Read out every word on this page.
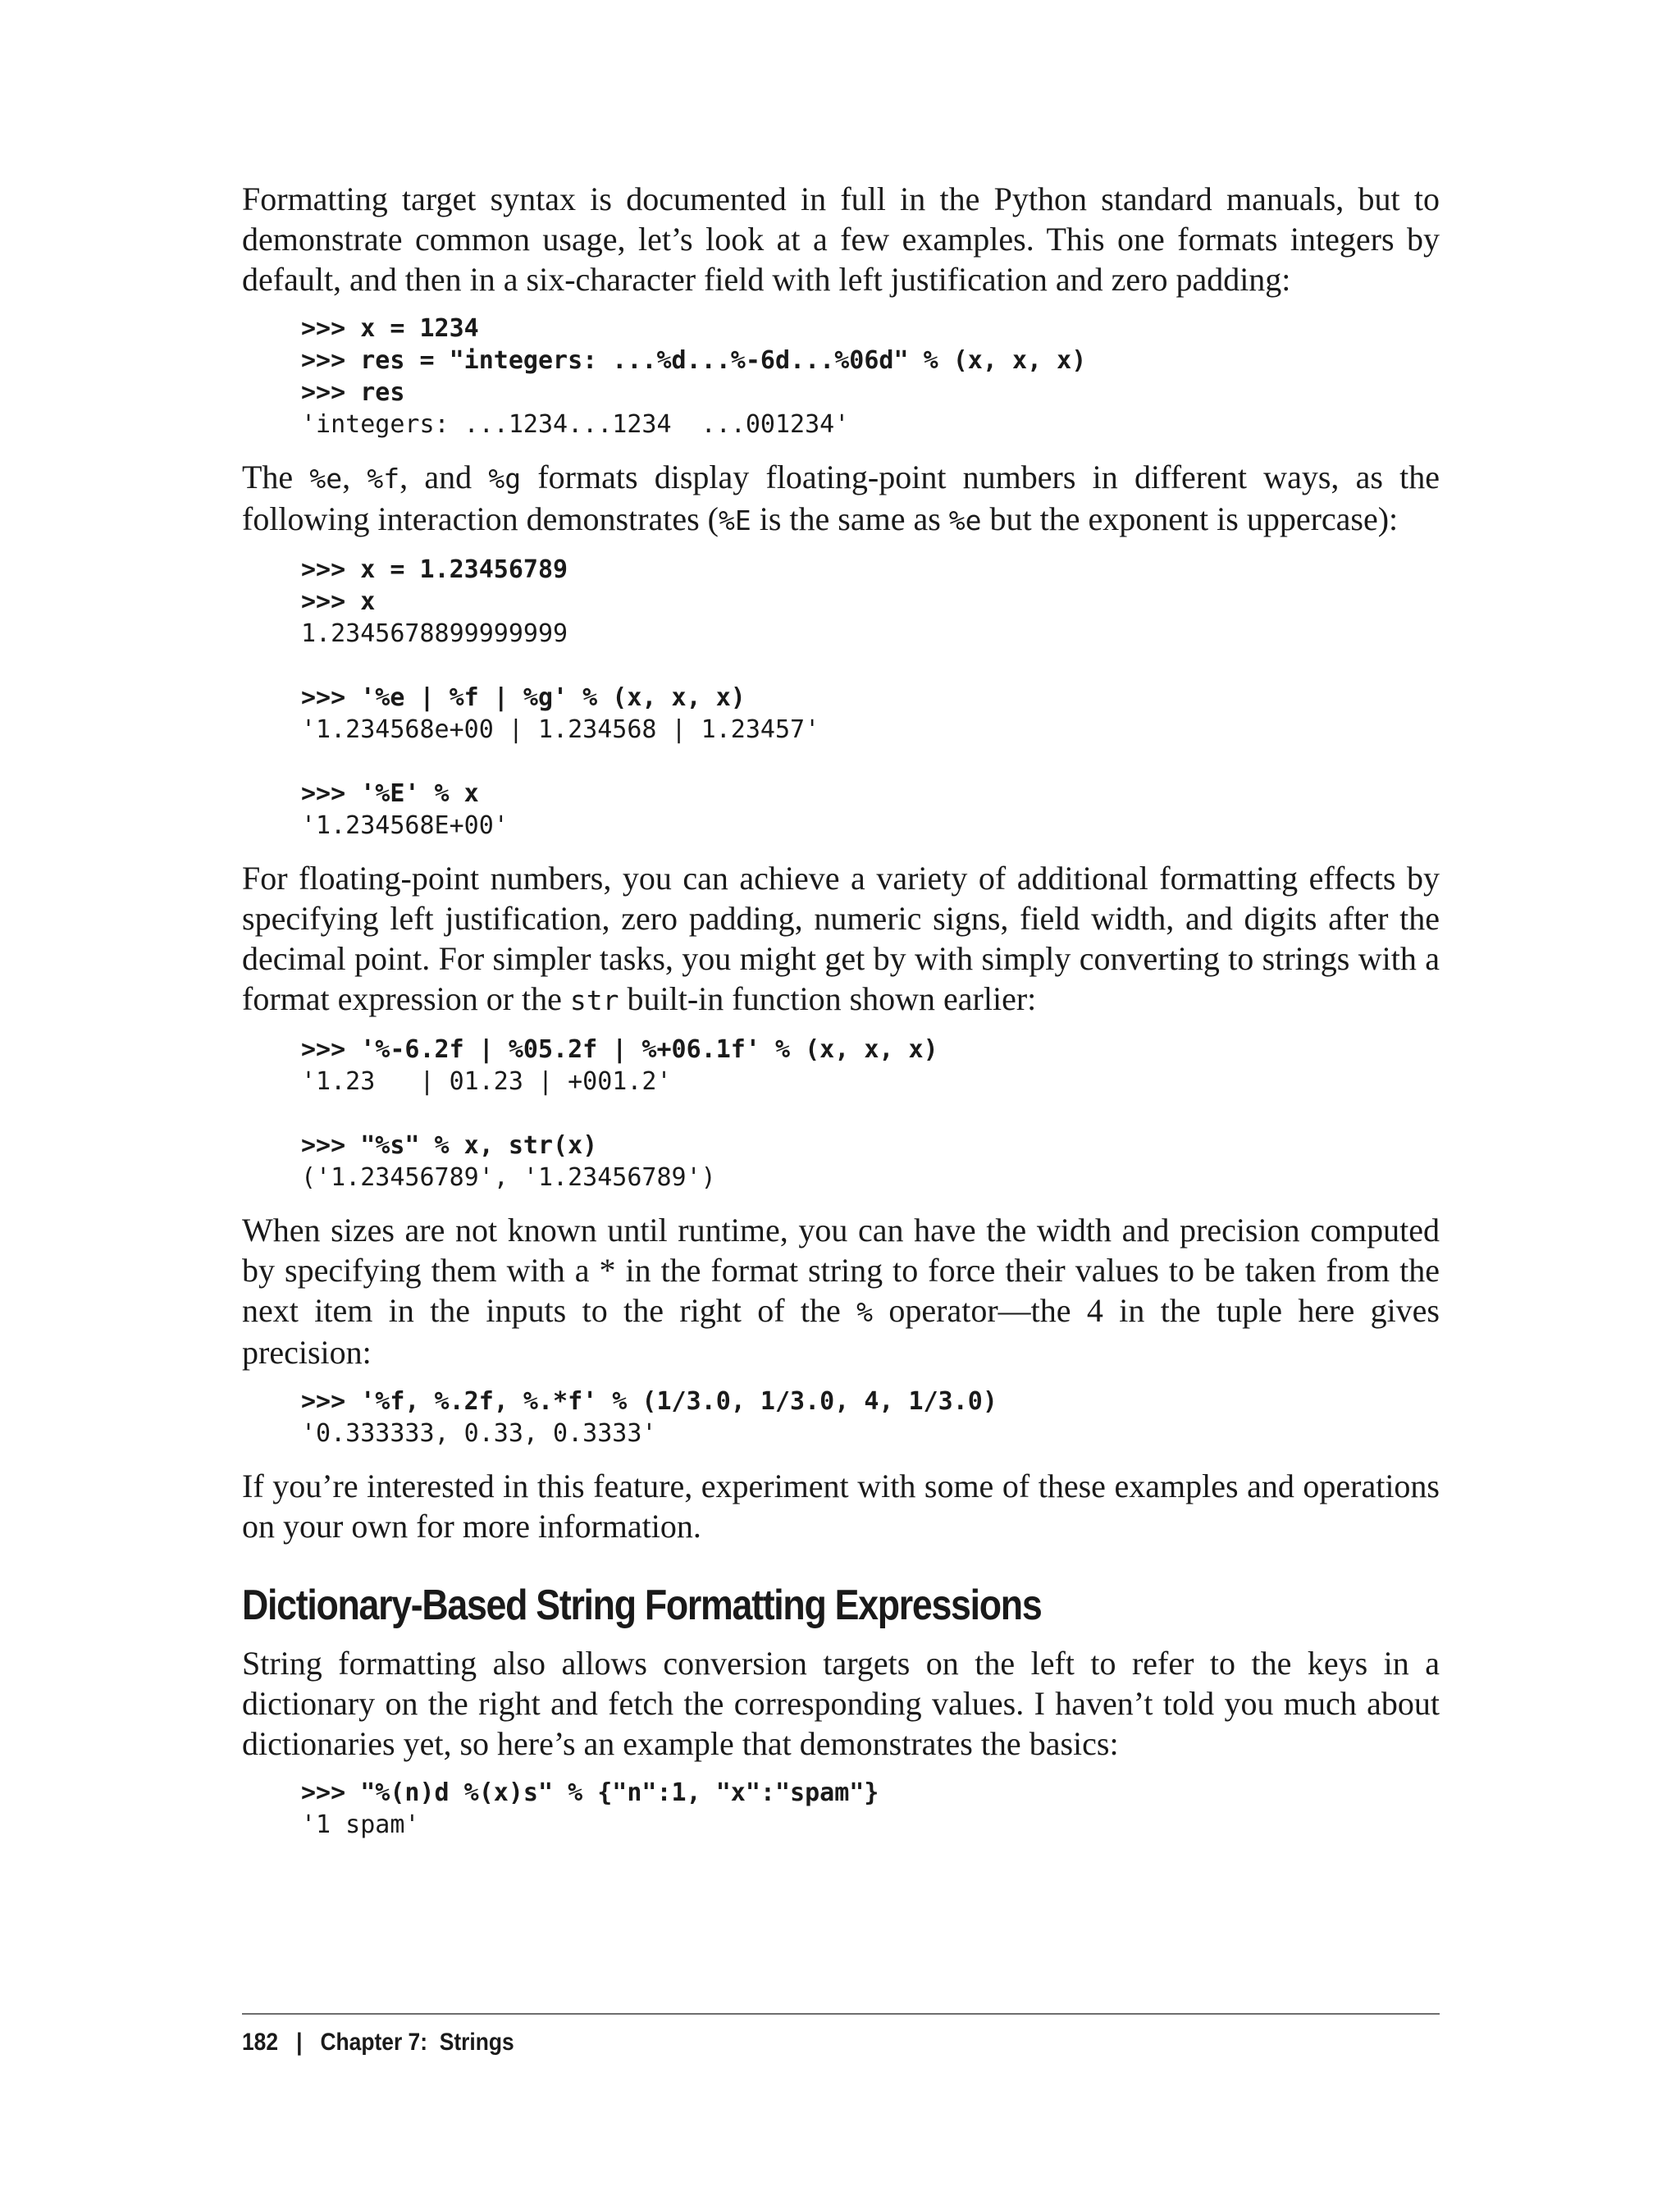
Formatting target syntax is documented in full in the Python standard manuals, but to demonstrate common usage, let’s look at a few examples. This one formats integers by default, and then in a six-character field with left justification and zero padding:

>>> x = 1234
>>> res = "integers: ...%d...%-6d...%06d" % (x, x, x)
>>> res
'integers: ...1234...1234  ...001234'

The %e, %f, and %g formats display floating-point numbers in different ways, as the following interaction demonstrates (%E is the same as %e but the exponent is uppercase):

>>> x = 1.23456789
>>> x
1.2345678899999999
>>> '%e | %f | %g' % (x, x, x)
'1.234568e+00 | 1.234568 | 1.23457'
>>> '%E' % x
'1.234568E+00'

For floating-point numbers, you can achieve a variety of additional formatting effects by specifying left justification, zero padding, numeric signs, field width, and digits after the decimal point. For simpler tasks, you might get by with simply converting to strings with a format expression or the str built-in function shown earlier:

>>> '%-6.2f | %05.2f | %+06.1f' % (x, x, x)
'1.23   | 01.23 | +001.2'
>>> "%s" % x, str(x)
('1.23456789', '1.23456789')

When sizes are not known until runtime, you can have the width and precision computed by specifying them with a * in the format string to force their values to be taken from the next item in the inputs to the right of the % operator—the 4 in the tuple here gives precision:

>>> '%f, %.2f, %.*f' % (1/3.0, 1/3.0, 4, 1/3.0)
'0.333333, 0.33, 0.3333'

If you’re interested in this feature, experiment with some of these examples and operations on your own for more information.

Dictionary-Based String Formatting Expressions

String formatting also allows conversion targets on the left to refer to the keys in a dictionary on the right and fetch the corresponding values. I haven’t told you much about dictionaries yet, so here’s an example that demonstrates the basics:

>>> "%(n)d %(x)s" % {"n":1, "x":"spam"}
'1 spam'
182 | Chapter 7:  Strings
